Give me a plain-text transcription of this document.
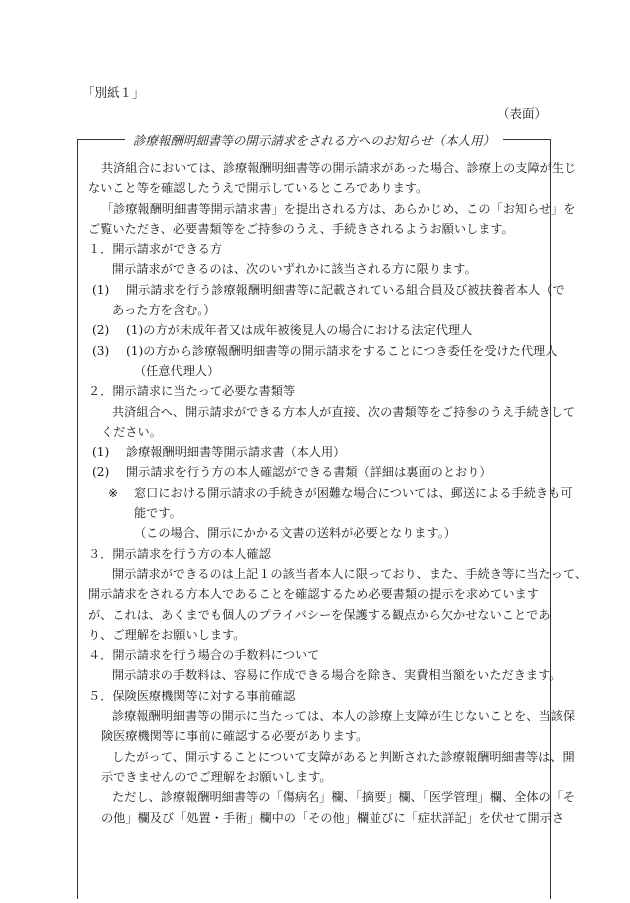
「別紙１」
（表面）
診療報酬明細書等の開示請求をされる方へのお知らせ（本人用）

共済組合においては、診療報酬明細書等の開示請求があった場合、診療上の支障が生じ

ないこと等を確認したうえで開示しているところであります。

「診療報酬明細書等開示請求書」を提出される方は、あらかじめ、この「お知らせ」を

ご覧いただき、必要書類等をご持参のうえ、手続きされるようお願いします。

１．開示請求ができる方

開示請求ができるのは、次のいずれかに該当される方に限ります。

(1)	開示請求を行う診療報酬明細書等に記載されている組合員及び被扶養者本人（で

あった方を含む。）

(2)	(1)の方が未成年者又は成年被後見人の場合における法定代理人
(3)	(1)の方から診療報酬明細書等の開示請求をすることにつき委任を受けた代理人

（任意代理人）

２．開示請求に当たって必要な書類等

共済組合へ、開示請求ができる方本人が直接、次の書類等をご持参のうえ手続きして

ください。

(1)	診療報酬明細書等開示請求書（本人用）
(2)	開示請求を行う方の本人確認ができる書類（詳細は裏面のとおり）
※	窓口における開示請求の手続きが困難な場合については、郵送による手続きも可

能です。

（この場合、開示にかかる文書の送料が必要となります。）

３．開示請求を行う方の本人確認

開示請求ができるのは上記１の該当者本人に限っており、また、手続き等に当たって、

開示請求をされる方本人であることを確認するため必要書類の提示を求めています

が、これは、あくまでも個人のプライバシーを保護する観点から欠かせないことであ

り、ご理解をお願いします。

４．開示請求を行う場合の手数料について

開示請求の手数料は、容易に作成できる場合を除き、実費相当額をいただきます。

５．保険医療機関等に対する事前確認

診療報酬明細書等の開示に当たっては、本人の診療上支障が生じないことを、当該保

険医療機関等に事前に確認する必要があります。

したがって、開示することについて支障があると判断された診療報酬明細書等は、開

示できませんのでご理解をお願いします。

ただし、診療報酬明細書等の「傷病名」欄、「摘要」欄、「医学管理」欄、全体の「そ

の他」欄及び「処置・手術」欄中の「その他」欄並びに「症状詳記」を伏せて開示さ
